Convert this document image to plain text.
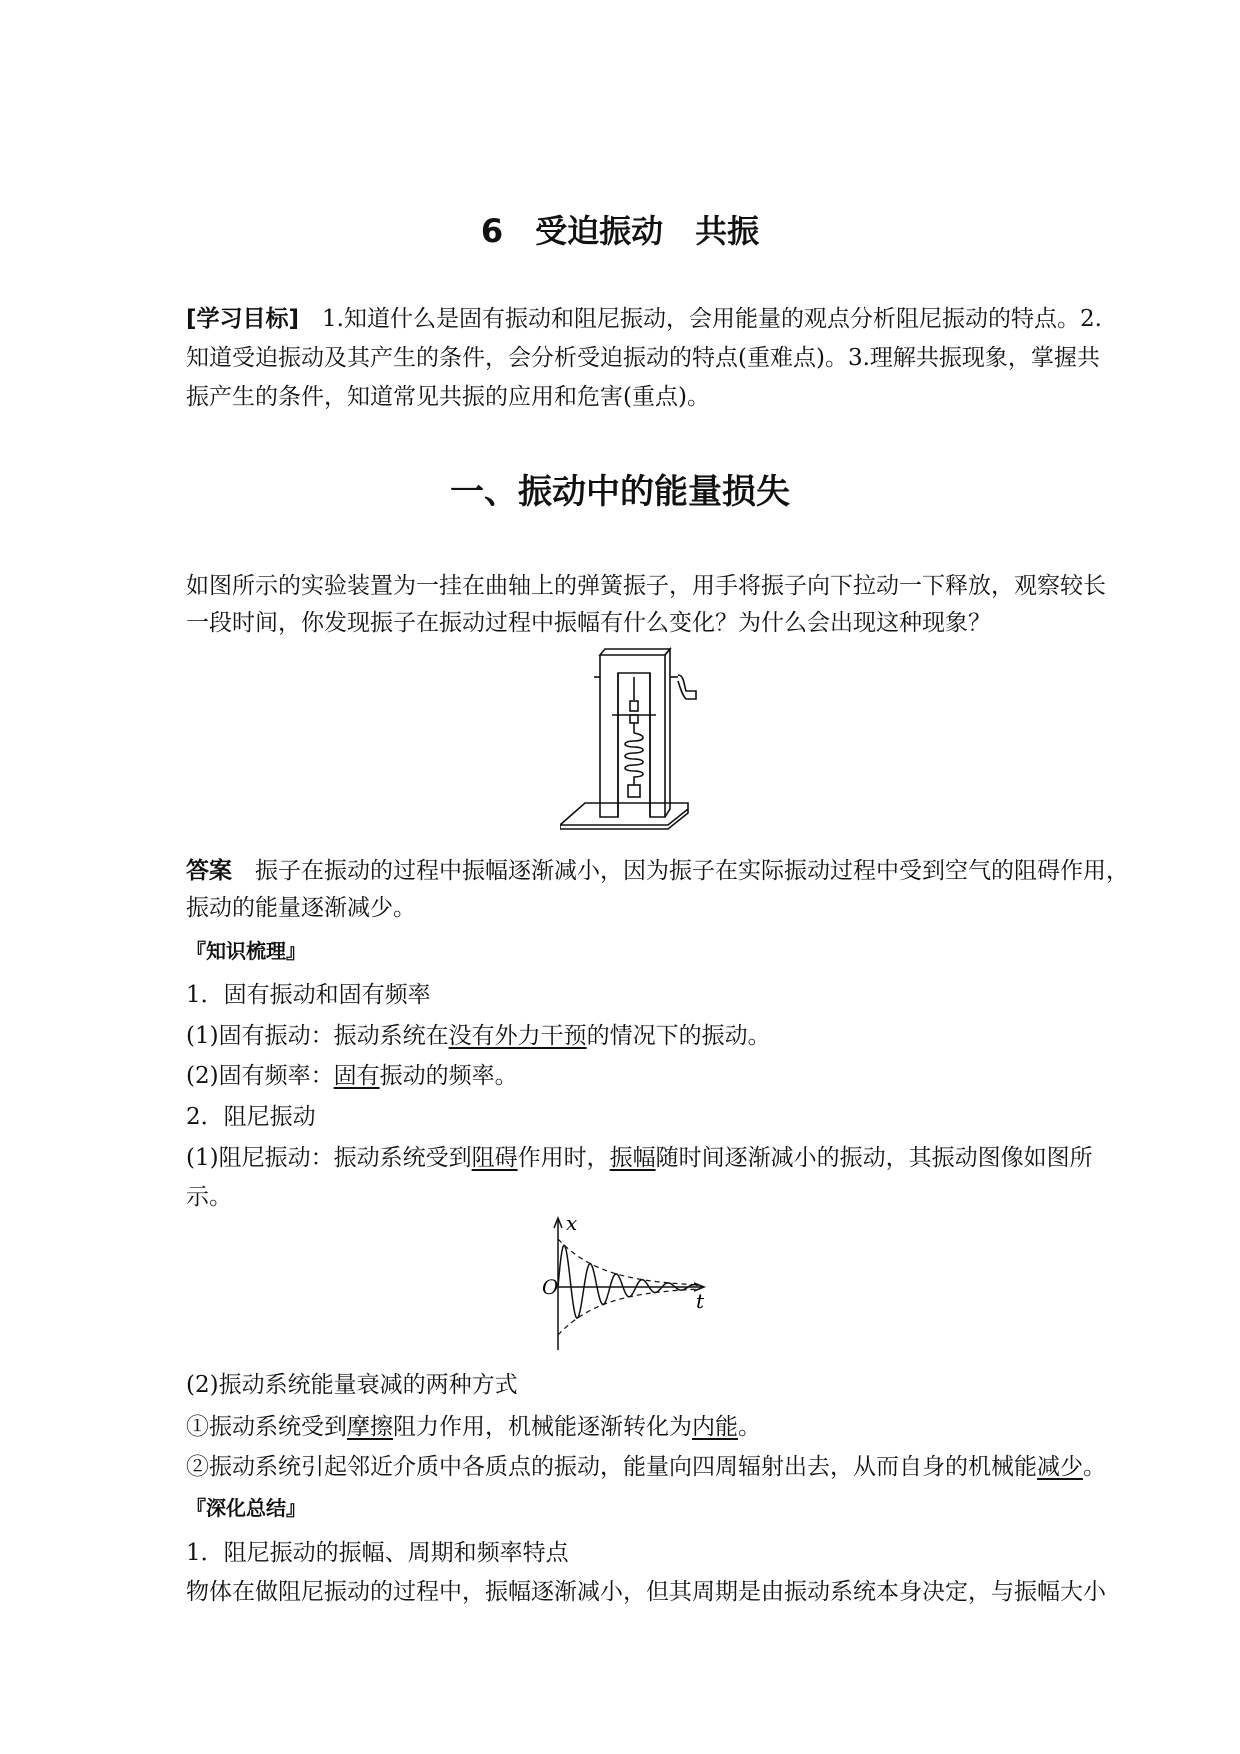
6　受迫振动　共振
[学习目标]　1.知道什么是固有振动和阻尼振动，会用能量的观点分析阻尼振动的特点。2.
知道受迫振动及其产生的条件，会分析受迫振动的特点(重难点)。3.理解共振现象，掌握共
振产生的条件，知道常见共振的应用和危害(重点)。
一、振动中的能量损失
如图所示的实验装置为一挂在曲轴上的弹簧振子，用手将振子向下拉动一下释放，观察较长
一段时间，你发现振子在振动过程中振幅有什么变化？为什么会出现这种现象？
答案　振子在振动的过程中振幅逐渐减小，因为振子在实际振动过程中受到空气的阻碍作用，
振动的能量逐渐减少。
『知识梳理』
1．固有振动和固有频率
(1)固有振动：振动系统在没有外力干预的情况下的振动。
(2)固有频率：固有振动的频率。
2．阻尼振动
(1)阻尼振动：振动系统受到阻碍作用时，振幅随时间逐渐减小的振动，其振动图像如图所
示。
x
O
t
(2)振动系统能量衰减的两种方式
①振动系统受到摩擦阻力作用，机械能逐渐转化为内能。
②振动系统引起邻近介质中各质点的振动，能量向四周辐射出去，从而自身的机械能减少。
『深化总结』
1．阻尼振动的振幅、周期和频率特点
物体在做阻尼振动的过程中，振幅逐渐减小，但其周期是由振动系统本身决定，与振幅大小
